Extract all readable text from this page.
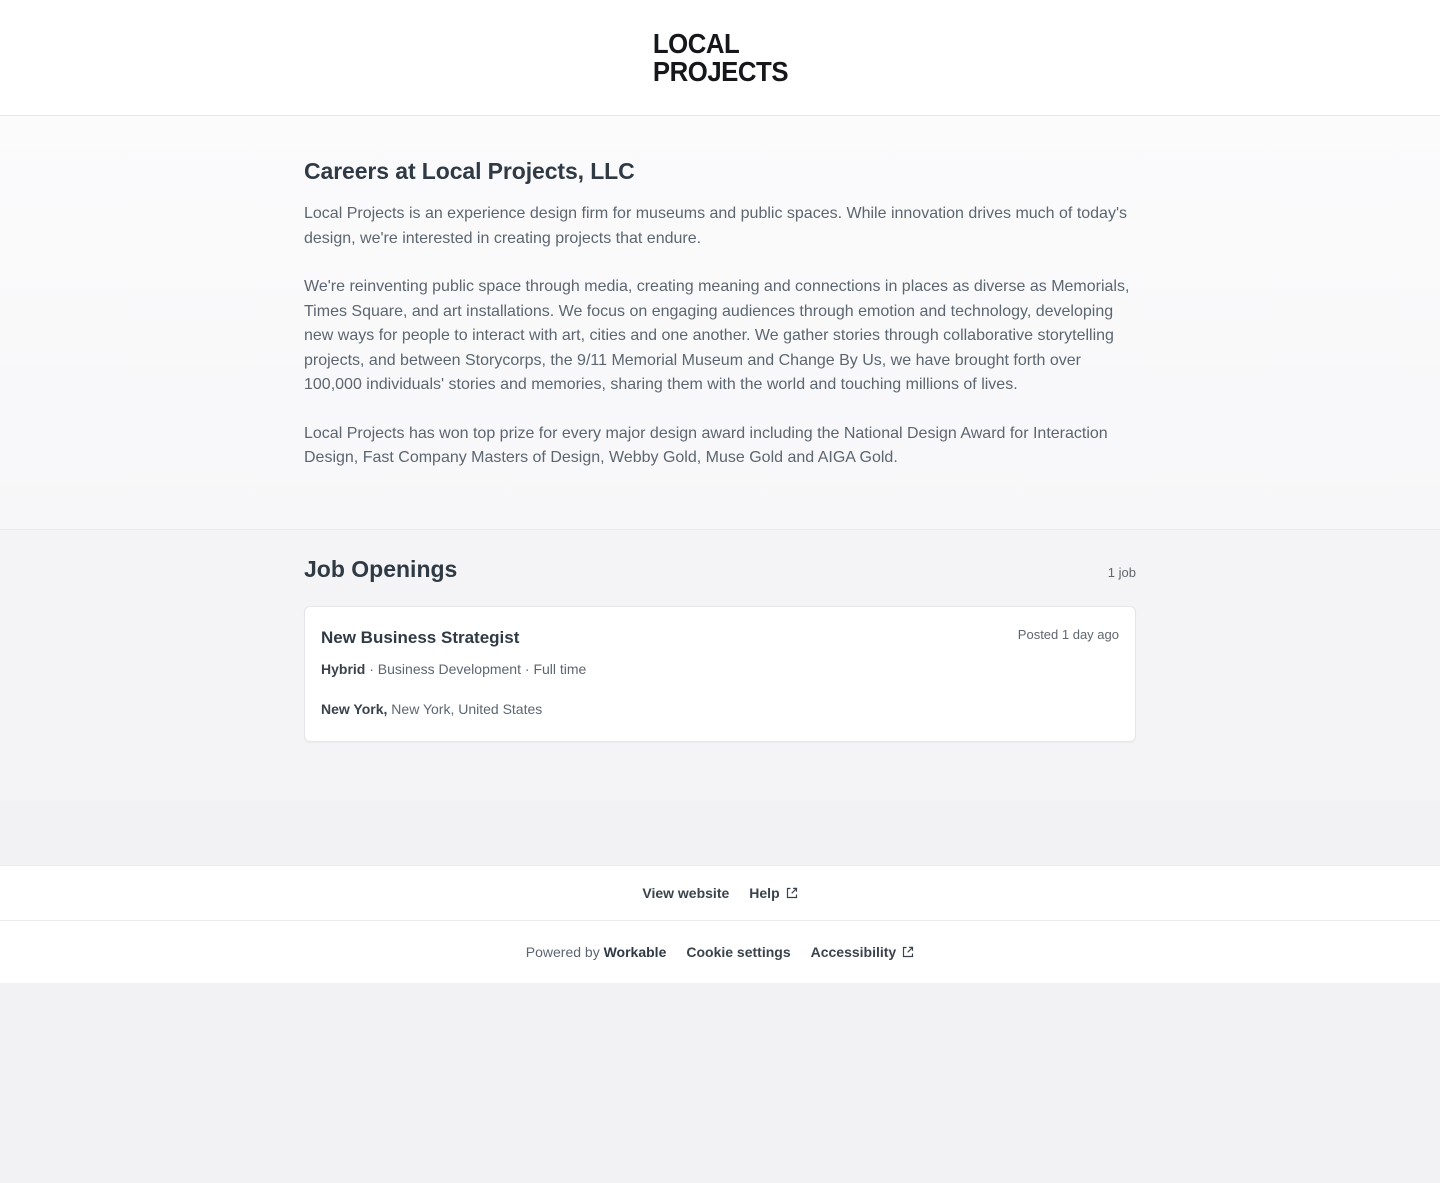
LOCAL
PROJECTS
Careers at Local Projects, LLC

Local Projects is an experience design firm for museums and public spaces. While innovation drives much of today's design, we're interested in creating projects that endure.

We're reinventing public space through media, creating meaning and connections in places as diverse as Memorials, Times Square, and art installations. We focus on engaging audiences through emotion and technology, developing new ways for people to interact with art, cities and one another. We gather stories through collaborative storytelling projects, and between Storycorps, the 9/11 Memorial Museum and Change By Us, we have brought forth over 100,000 individuals' stories and memories, sharing them with the world and touching millions of lives.

Local Projects has won top prize for every major design award including the National Design Award for Interaction Design, Fast Company Masters of Design, Webby Gold, Muse Gold and AIGA Gold.

Job Openings	1 job
Posted 1 day ago
New Business Strategist
Hybrid · Business Development · Full time
New York, New York, United States
View website Help
Powered by Workable Cookie settings Accessibility
